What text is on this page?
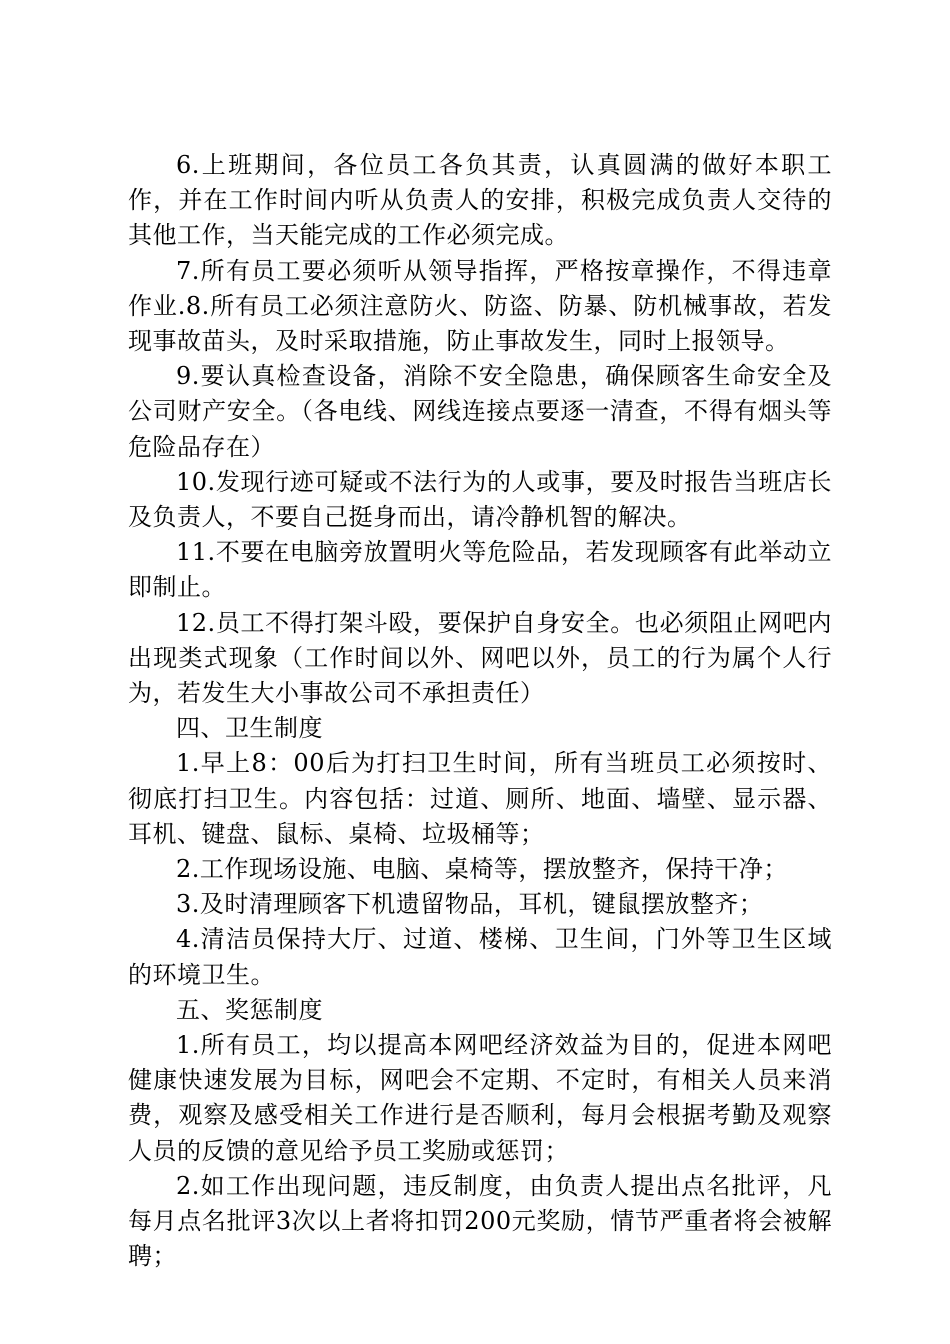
6.上班期间，各位员工各负其责，认真圆满的做好本职工作，并在工作时间内听从负责人的安排，积极完成负责人交待的其他工作，当天能完成的工作必须完成。

7.所有员工要必须听从领导指挥，严格按章操作，不得违章作业.8.所有员工必须注意防火、防盗、防暴、防机械事故，若发现事故苗头，及时采取措施，防止事故发生，同时上报领导。

9.要认真检查设备，消除不安全隐患，确保顾客生命安全及公司财产安全。（各电线、网线连接点要逐一清查，不得有烟头等危险品存在）

10.发现行迹可疑或不法行为的人或事，要及时报告当班店长及负责人，不要自己挺身而出，请冷静机智的解决。

11.不要在电脑旁放置明火等危险品，若发现顾客有此举动立即制止。

12.员工不得打架斗殴，要保护自身安全。也必须阻止网吧内出现类式现象（工作时间以外、网吧以外，员工的行为属个人行为，若发生大小事故公司不承担责任）

四、卫生制度

1.早上8：00后为打扫卫生时间，所有当班员工必须按时、彻底打扫卫生。内容包括：过道、厕所、地面、墙壁、显示器、耳机、键盘、鼠标、桌椅、垃圾桶等；

2.工作现场设施、电脑、桌椅等，摆放整齐，保持干净；

3.及时清理顾客下机遗留物品，耳机，键鼠摆放整齐；

4.清洁员保持大厅、过道、楼梯、卫生间，门外等卫生区域的环境卫生。

五、奖惩制度

1.所有员工，均以提高本网吧经济效益为目的，促进本网吧健康快速发展为目标，网吧会不定期、不定时，有相关人员来消费，观察及感受相关工作进行是否顺利，每月会根据考勤及观察人员的反馈的意见给予员工奖励或惩罚；

2.如工作出现问题，违反制度，由负责人提出点名批评，凡每月点名批评3次以上者将扣罚200元奖励，情节严重者将会被解聘；
